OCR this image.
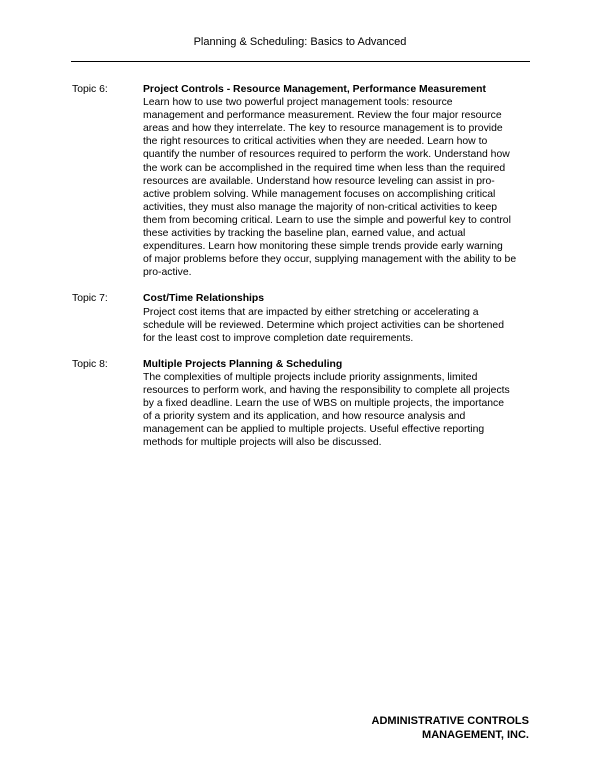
Planning & Scheduling: Basics to Advanced
Topic 6:	Project Controls - Resource Management, Performance Measurement
Learn how to use two powerful project management tools: resource
management and performance measurement. Review the four major resource
areas and how they interrelate. The key to resource management is to provide
the right resources to critical activities when they are needed. Learn how to
quantify the number of resources required to perform the work. Understand how
the work can be accomplished in the required time when less than the required
resources are available. Understand how resource leveling can assist in pro-
active problem solving. While management focuses on accomplishing critical
activities, they must also manage the majority of non-critical activities to keep
them from becoming critical. Learn to use the simple and powerful key to control
these activities by tracking the baseline plan, earned value, and actual
expenditures. Learn how monitoring these simple trends provide early warning
of major problems before they occur, supplying management with the ability to be
pro-active.
Topic 7:	Cost/Time Relationships
Project cost items that are impacted by either stretching or accelerating a
schedule will be reviewed. Determine which project activities can be shortened
for the least cost to improve completion date requirements.
Topic 8:	Multiple Projects Planning & Scheduling
The complexities of multiple projects include priority assignments, limited
resources to perform work, and having the responsibility to complete all projects
by a fixed deadline. Learn the use of WBS on multiple projects, the importance
of a priority system and its application, and how resource analysis and
management can be applied to multiple projects. Useful effective reporting
methods for multiple projects will also be discussed.
ADMINISTRATIVE CONTROLS
MANAGEMENT, INC.
